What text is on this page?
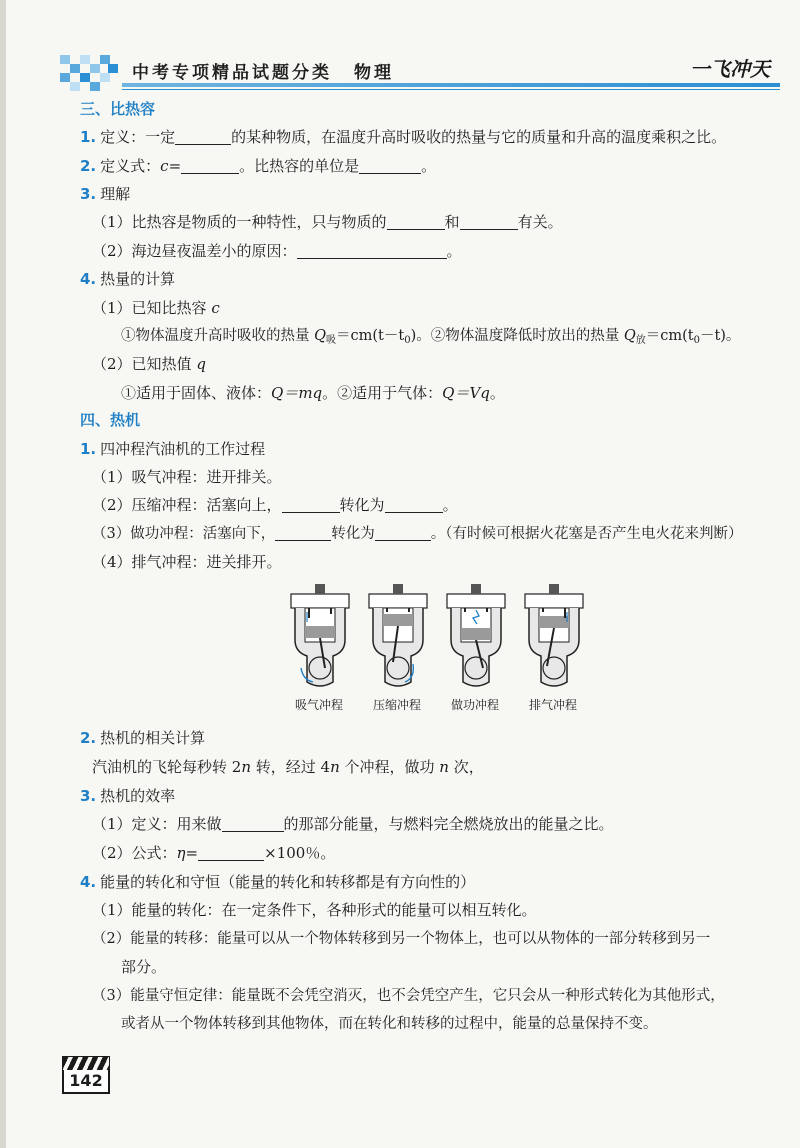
中考专项精品试题分类 物理	一飞冲天
三、比热容
1. 定义：一定	的某种物质，在温度升高时吸收的热量与它的质量和升高的温度乘积之比。
2. 定义式：c=	。比热容的单位是	。
3. 理解
（1）比热容是物质的一种特性，只与物质的	和	有关。
（2）海边昼夜温差小的原因：	。
4. 热量的计算
（1）已知比热容 c
①物体温度升高时吸收的热量 $Q_吸=cm(t-t_0)$。②物体温度降低时放出的热量 $Q_放=cm(t_0-t)$。
（2）已知热值 q
①适用于固体、液体：Q＝mq。②适用于气体：Q＝Vq。
四、热机
1. 四冲程汽油机的工作过程
（1）吸气冲程：进开排关。
（2）压缩冲程：活塞向上，	转化为	。
（3）做功冲程：活塞向下，	转化为	。（有时候可根据火花塞是否产生电火花来判断）
（4）排气冲程：进关排开。
吸气冲程	压缩冲程	做功冲程	排气冲程
2. 热机的相关计算
汽油机的飞轮每秒转 2n 转，经过 4n 个冲程，做功 n 次，
3. 热机的效率
（1）定义：用来做	的那部分能量，与燃料完全燃烧放出的能量之比。
（2）公式：η=	×100％。
4. 能量的转化和守恒（能量的转化和转移都是有方向性的）
（1）能量的转化：在一定条件下，各种形式的能量可以相互转化。
（2）能量的转移：能量可以从一个物体转移到另一个物体上，也可以从物体的一部分转移到另一
部分。
（3）能量守恒定律：能量既不会凭空消灭，也不会凭空产生，它只会从一种形式转化为其他形式，
或者从一个物体转移到其他物体，而在转化和转移的过程中，能量的总量保持不变。
142
